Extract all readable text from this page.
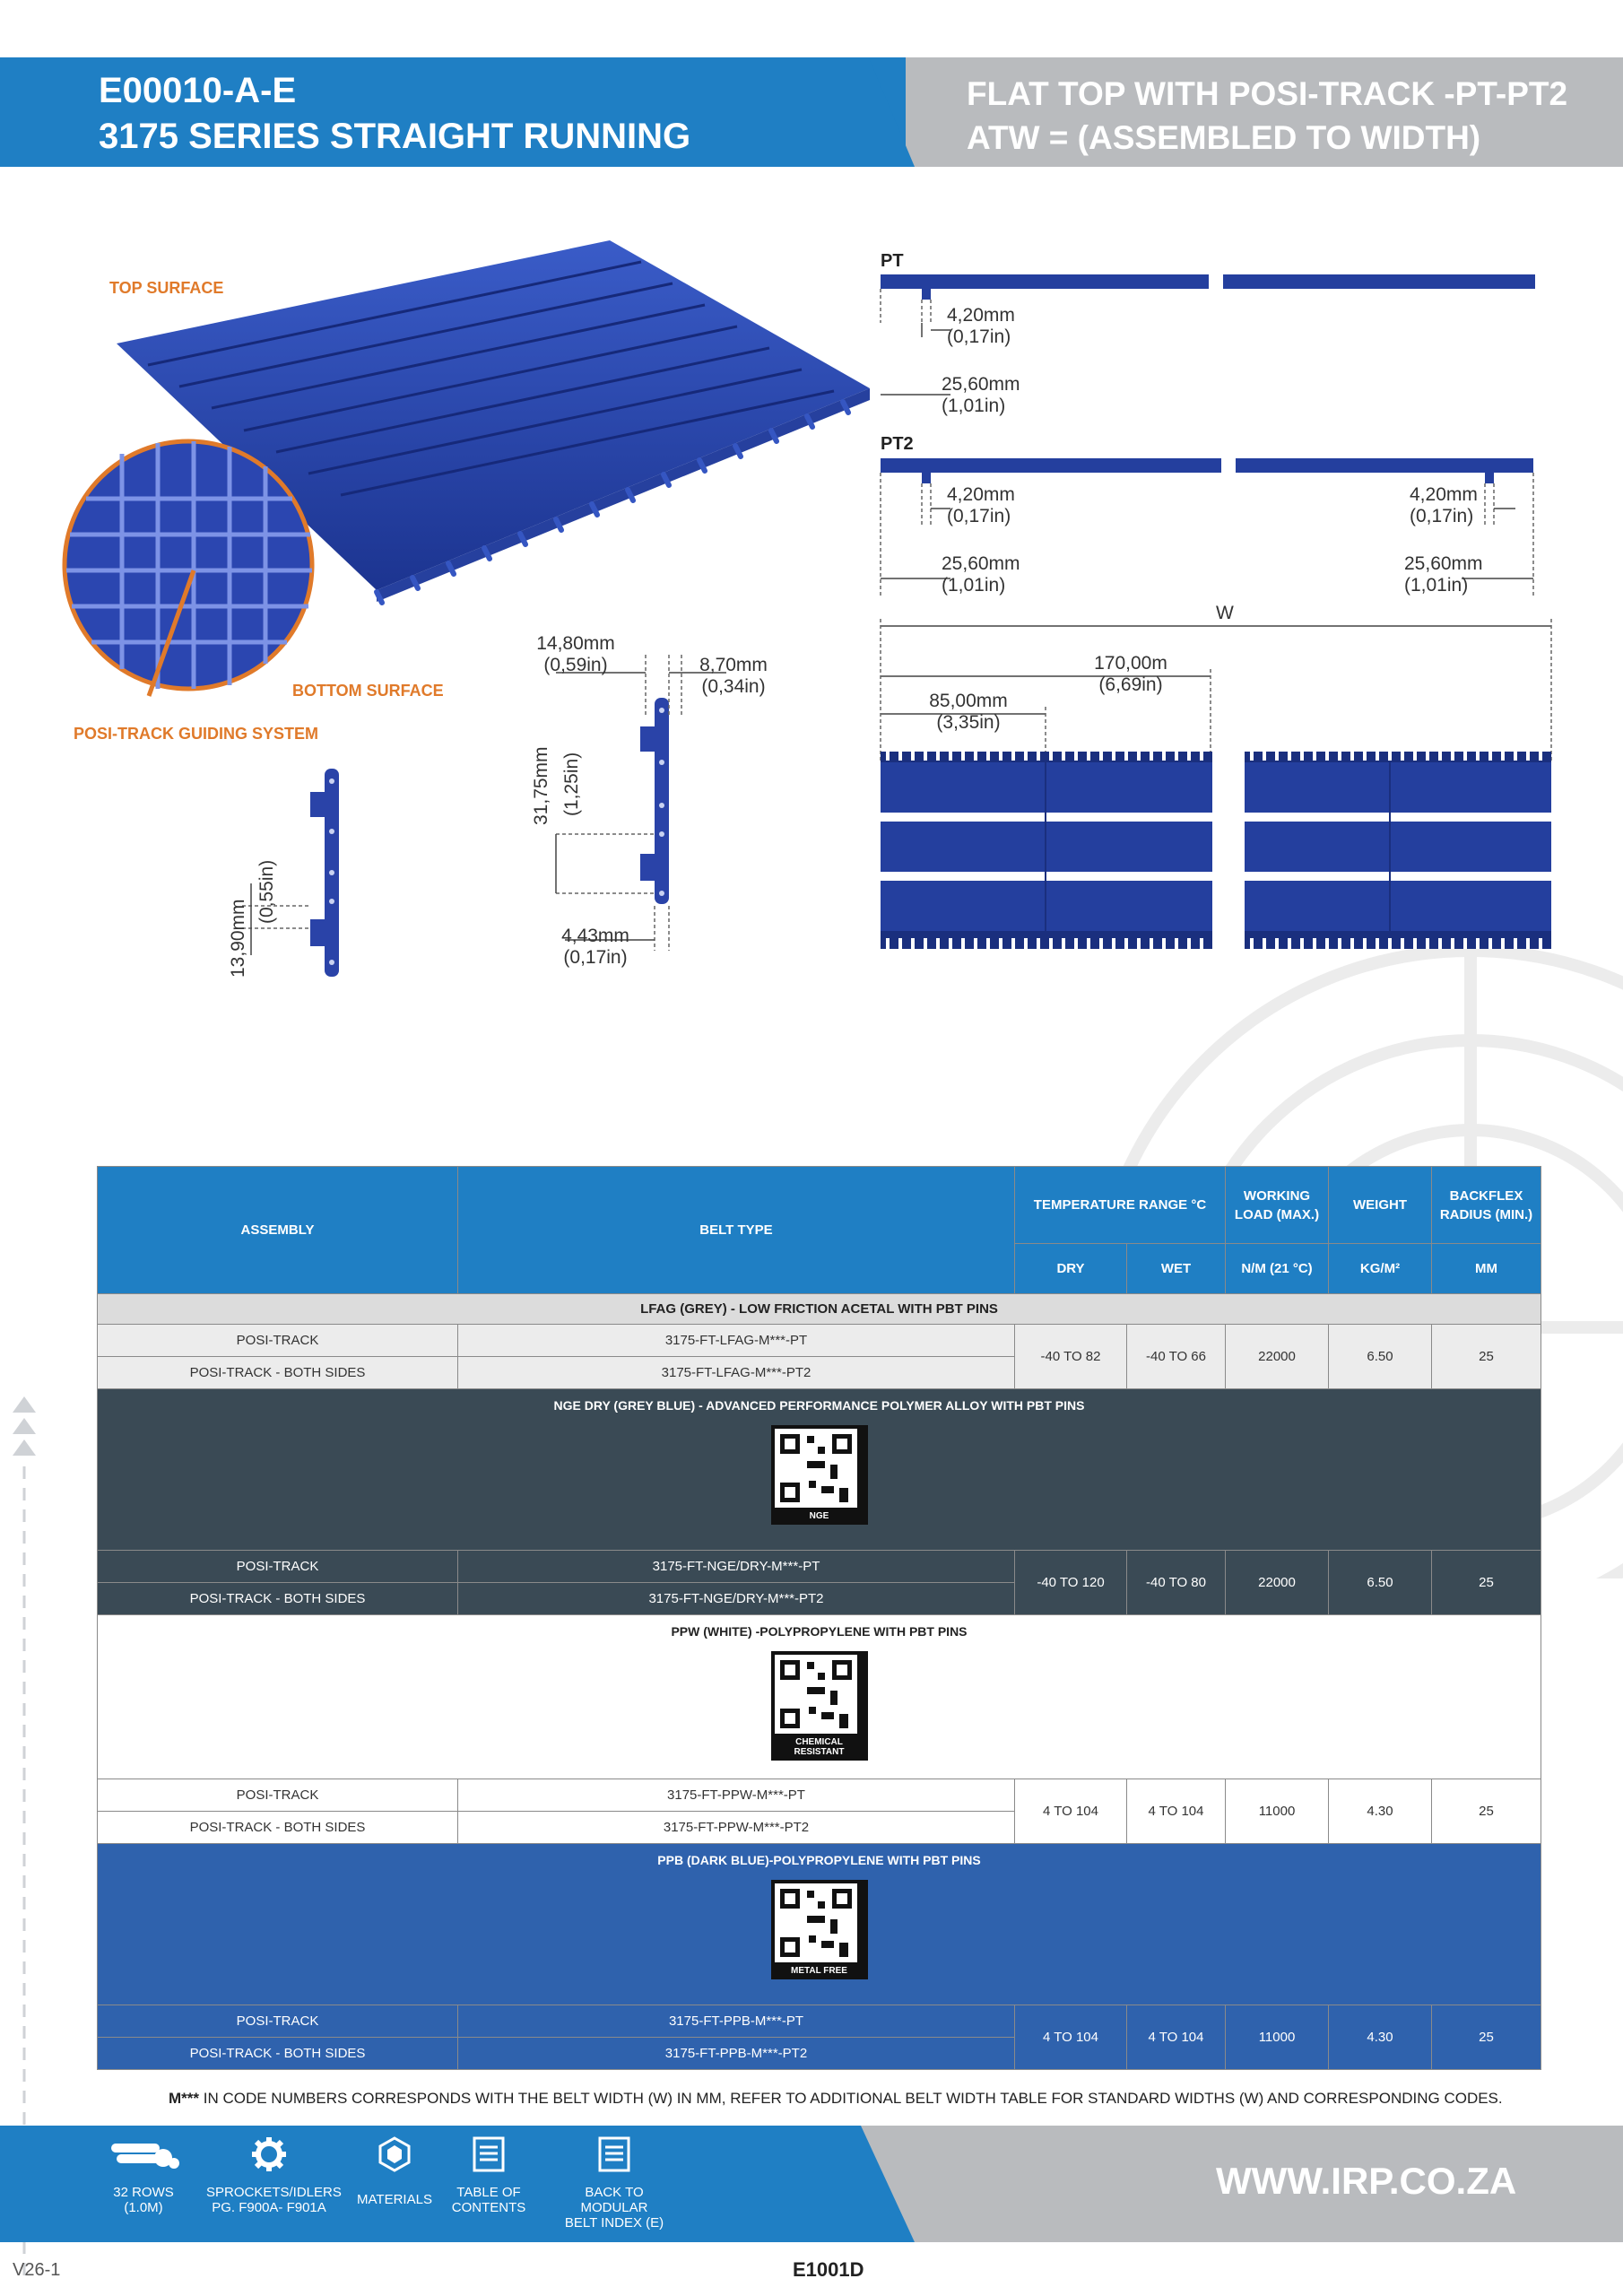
E00010-A-E
3175 SERIES STRAIGHT RUNNING
FLAT TOP WITH POSI-TRACK -PT-PT2
ATW = (ASSEMBLED TO WIDTH)
TOP SURFACE
BOTTOM SURFACE
POSI-TRACK GUIDING SYSTEM
13,90mm
(0,55in)
14,80mm
(0,59in)	8,70mm
(0,34in)
31,75mm (1,25in)
4,43mm
(0,17in)
PT
4,20mm
(0,17in)
25,60mm
(1,01in)
PT2
4,20mm
(0,17in)
25,60mm
(1,01in)
4,20mm
(0,17in)
25,60mm
(1,01in)
W
170,00m
(6,69in)
85,00mm
(3,35in)
ASSEMBLY	BELT TYPE	TEMPERATURE RANGE °C		WORKING LOAD (MAX.)	WEIGHT	BACKFLEX RADIUS (MIN.)
		DRY	WET	N/M (21 °C)	KG/M²	MM
LFAG (GREY) - LOW FRICTION ACETAL WITH PBT PINS						
POSI-TRACK	3175-FT-LFAG-M***-PT	-40 TO 82	-40 TO 66	22000	6.50	25
POSI-TRACK - BOTH SIDES	3175-FT-LFAG-M***-PT2					

NGE DRY (GREY BLUE) - ADVANCED PERFORMANCE POLYMER ALLOY WITH PBT PINS
NGE						

POSI-TRACK	3175-FT-NGE/DRY-M***-PT	-40 TO 120	-40 TO 80	22000	6.50	25
POSI-TRACK - BOTH SIDES	3175-FT-NGE/DRY-M***-PT2					

PPW (WHITE) -POLYPROPYLENE WITH PBT PINS
CHEMICAL RESISTANT						

POSI-TRACK	3175-FT-PPW-M***-PT	4 TO 104	4 TO 104	11000	4.30	25
POSI-TRACK - BOTH SIDES	3175-FT-PPW-M***-PT2					

PPB (DARK BLUE)-POLYPROPYLENE WITH PBT PINS
METAL FREE						

POSI-TRACK	3175-FT-PPB-M***-PT	4 TO 104	4 TO 104	11000	4.30	25
POSI-TRACK - BOTH SIDES	3175-FT-PPB-M***-PT2					
M*** IN CODE NUMBERS CORRESPONDS WITH THE BELT WIDTH (W) IN MM, REFER TO ADDITIONAL BELT WIDTH TABLE FOR STANDARD WIDTHS (W) AND CORRESPONDING CODES.
32 ROWS
(1.0M)
SPROCKETS/IDLERS
PG. F900A- F901A
MATERIALS	TABLE OF
CONTENTS
BACK TO MODULAR
BELT INDEX (E)
WWW.IRP.CO.ZA
V26-1	E1001D
